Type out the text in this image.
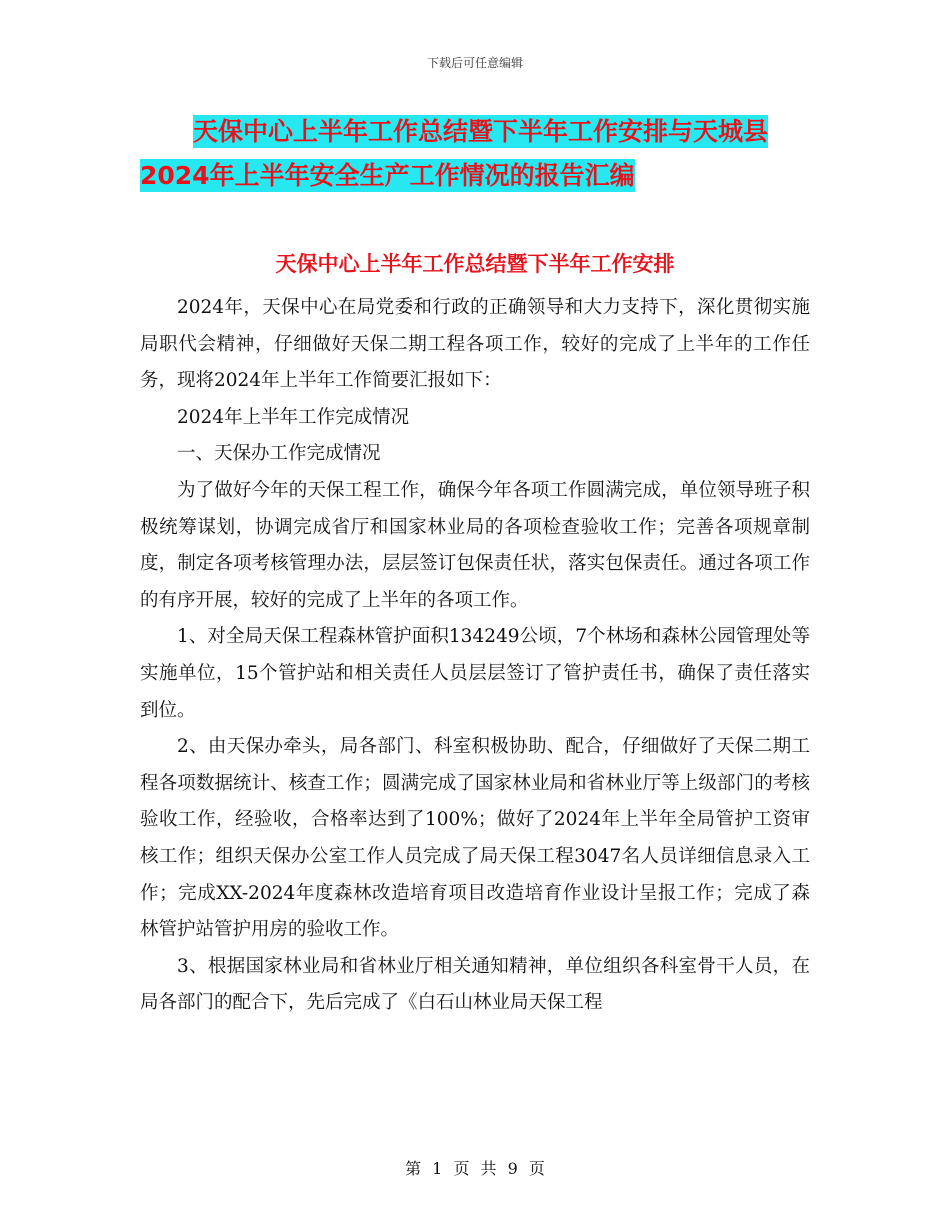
下载后可任意编辑
天保中心上半年工作总结暨下半年工作安排与天城县
2024年上半年安全生产工作情况的报告汇编
天保中心上半年工作总结暨下半年工作安排

2024年，天保中心在局党委和行政的正确领导和大力支持下，深化贯彻实施局职代会精神，仔细做好天保二期工程各项工作，较好的完成了上半年的工作任务，现将2024年上半年工作简要汇报如下：

2024年上半年工作完成情况

一、天保办工作完成情况

为了做好今年的天保工程工作，确保今年各项工作圆满完成，单位领导班子积极统筹谋划，协调完成省厅和国家林业局的各项检查验收工作；完善各项规章制度，制定各项考核管理办法，层层签订包保责任状，落实包保责任。通过各项工作的有序开展，较好的完成了上半年的各项工作。

1、对全局天保工程森林管护面积134249公顷，7个林场和森林公园管理处等实施单位，15个管护站和相关责任人员层层签订了管护责任书，确保了责任落实到位。

2、由天保办牵头，局各部门、科室积极协助、配合，仔细做好了天保二期工程各项数据统计、核查工作；圆满完成了国家林业局和省林业厅等上级部门的考核验收工作，经验收，合格率达到了100%；做好了2024年上半年全局管护工资审核工作；组织天保办公室工作人员完成了局天保工程3047名人员详细信息录入工作；完成XX-2024年度森林改造培育项目改造培育作业设计呈报工作；完成了森林管护站管护用房的验收工作。

3、根据国家林业局和省林业厅相关通知精神，单位组织各科室骨干人员，在局各部门的配合下，先后完成了《白石山林业局天保工程

第 1 页 共 9 页
